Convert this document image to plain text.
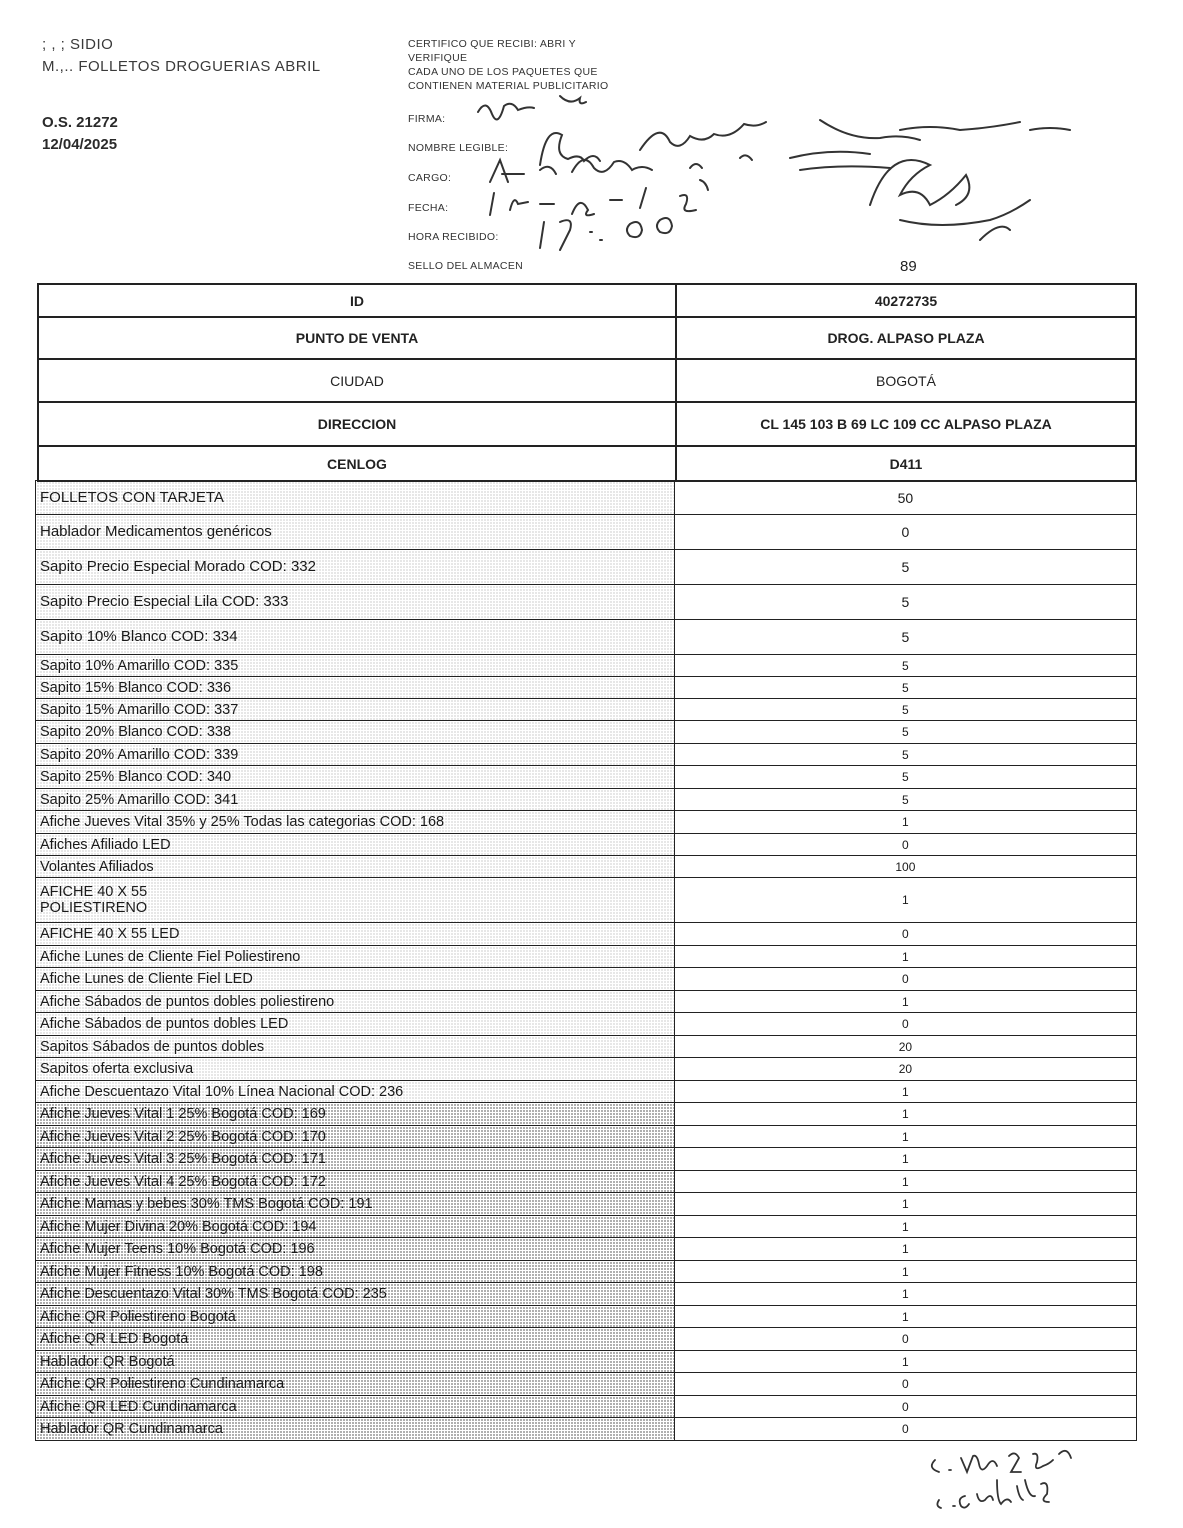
; , ; SIDIO
M.,.. FOLLETOS DROGUERIAS ABRIL
O.S. 21272
12/04/2025
CERTIFICO QUE RECIBI: ABRI Y
VERIFIQUE
CADA UNO DE LOS PAQUETES QUE
CONTIENEN MATERIAL PUBLICITARIO
FIRMA:
NOMBRE LEGIBLE:
CARGO:
FECHA:
HORA RECIBIDO:
SELLO DEL ALMACEN	89
ID	40272735
PUNTO DE VENTA	DROG. ALPASO PLAZA
CIUDAD	BOGOTÁ
DIRECCION	CL 145 103 B 69 LC 109 CC ALPASO PLAZA
CENLOG	D411
FOLLETOS CON TARJETA	50
Hablador Medicamentos genéricos	0
Sapito Precio Especial Morado COD: 332	5
Sapito Precio Especial Lila COD: 333	5
Sapito 10% Blanco COD: 334	5
Sapito 10% Amarillo COD: 335	5
Sapito 15% Blanco COD: 336	5
Sapito 15% Amarillo COD: 337	5
Sapito 20% Blanco COD: 338	5
Sapito 20% Amarillo COD: 339	5
Sapito 25% Blanco COD: 340	5
Sapito 25% Amarillo COD: 341	5
Afiche Jueves Vital 35% y 25% Todas las categorias COD: 168	1
Afiches Afiliado LED	0
Volantes Afiliados	100
AFICHE 40 X 55
POLIESTIRENO	1
AFICHE 40 X 55 LED	0
Afiche Lunes de Cliente Fiel Poliestireno	1
Afiche Lunes de Cliente Fiel LED	0
Afiche Sábados de puntos dobles poliestireno	1
Afiche Sábados de puntos dobles LED	0
Sapitos Sábados de puntos dobles	20
Sapitos oferta exclusiva	20
Afiche Descuentazo Vital 10% Línea Nacional COD: 236	1
Afiche Jueves Vital 1 25% Bogotá COD: 169	1
Afiche Jueves Vital 2 25% Bogotá COD: 170	1
Afiche Jueves Vital 3 25% Bogotá COD: 171	1
Afiche Jueves Vital 4 25% Bogotá COD: 172	1
Afiche Mamas y bebes 30% TMS Bogotá COD: 191	1
Afiche Mujer Divina 20% Bogotá COD: 194	1
Afiche Mujer Teens 10% Bogotá COD: 196	1
Afiche Mujer Fitness 10% Bogotá COD: 198	1
Afiche Descuentazo Vital 30% TMS Bogotá COD: 235	1
Afiche QR Poliestireno Bogotá	1
Afiche QR LED Bogotá	0
Hablador QR Bogotá	1
Afiche QR Poliestireno Cundinamarca	0
Afiche QR LED Cundinamarca	0
Hablador QR Cundinamarca	0
